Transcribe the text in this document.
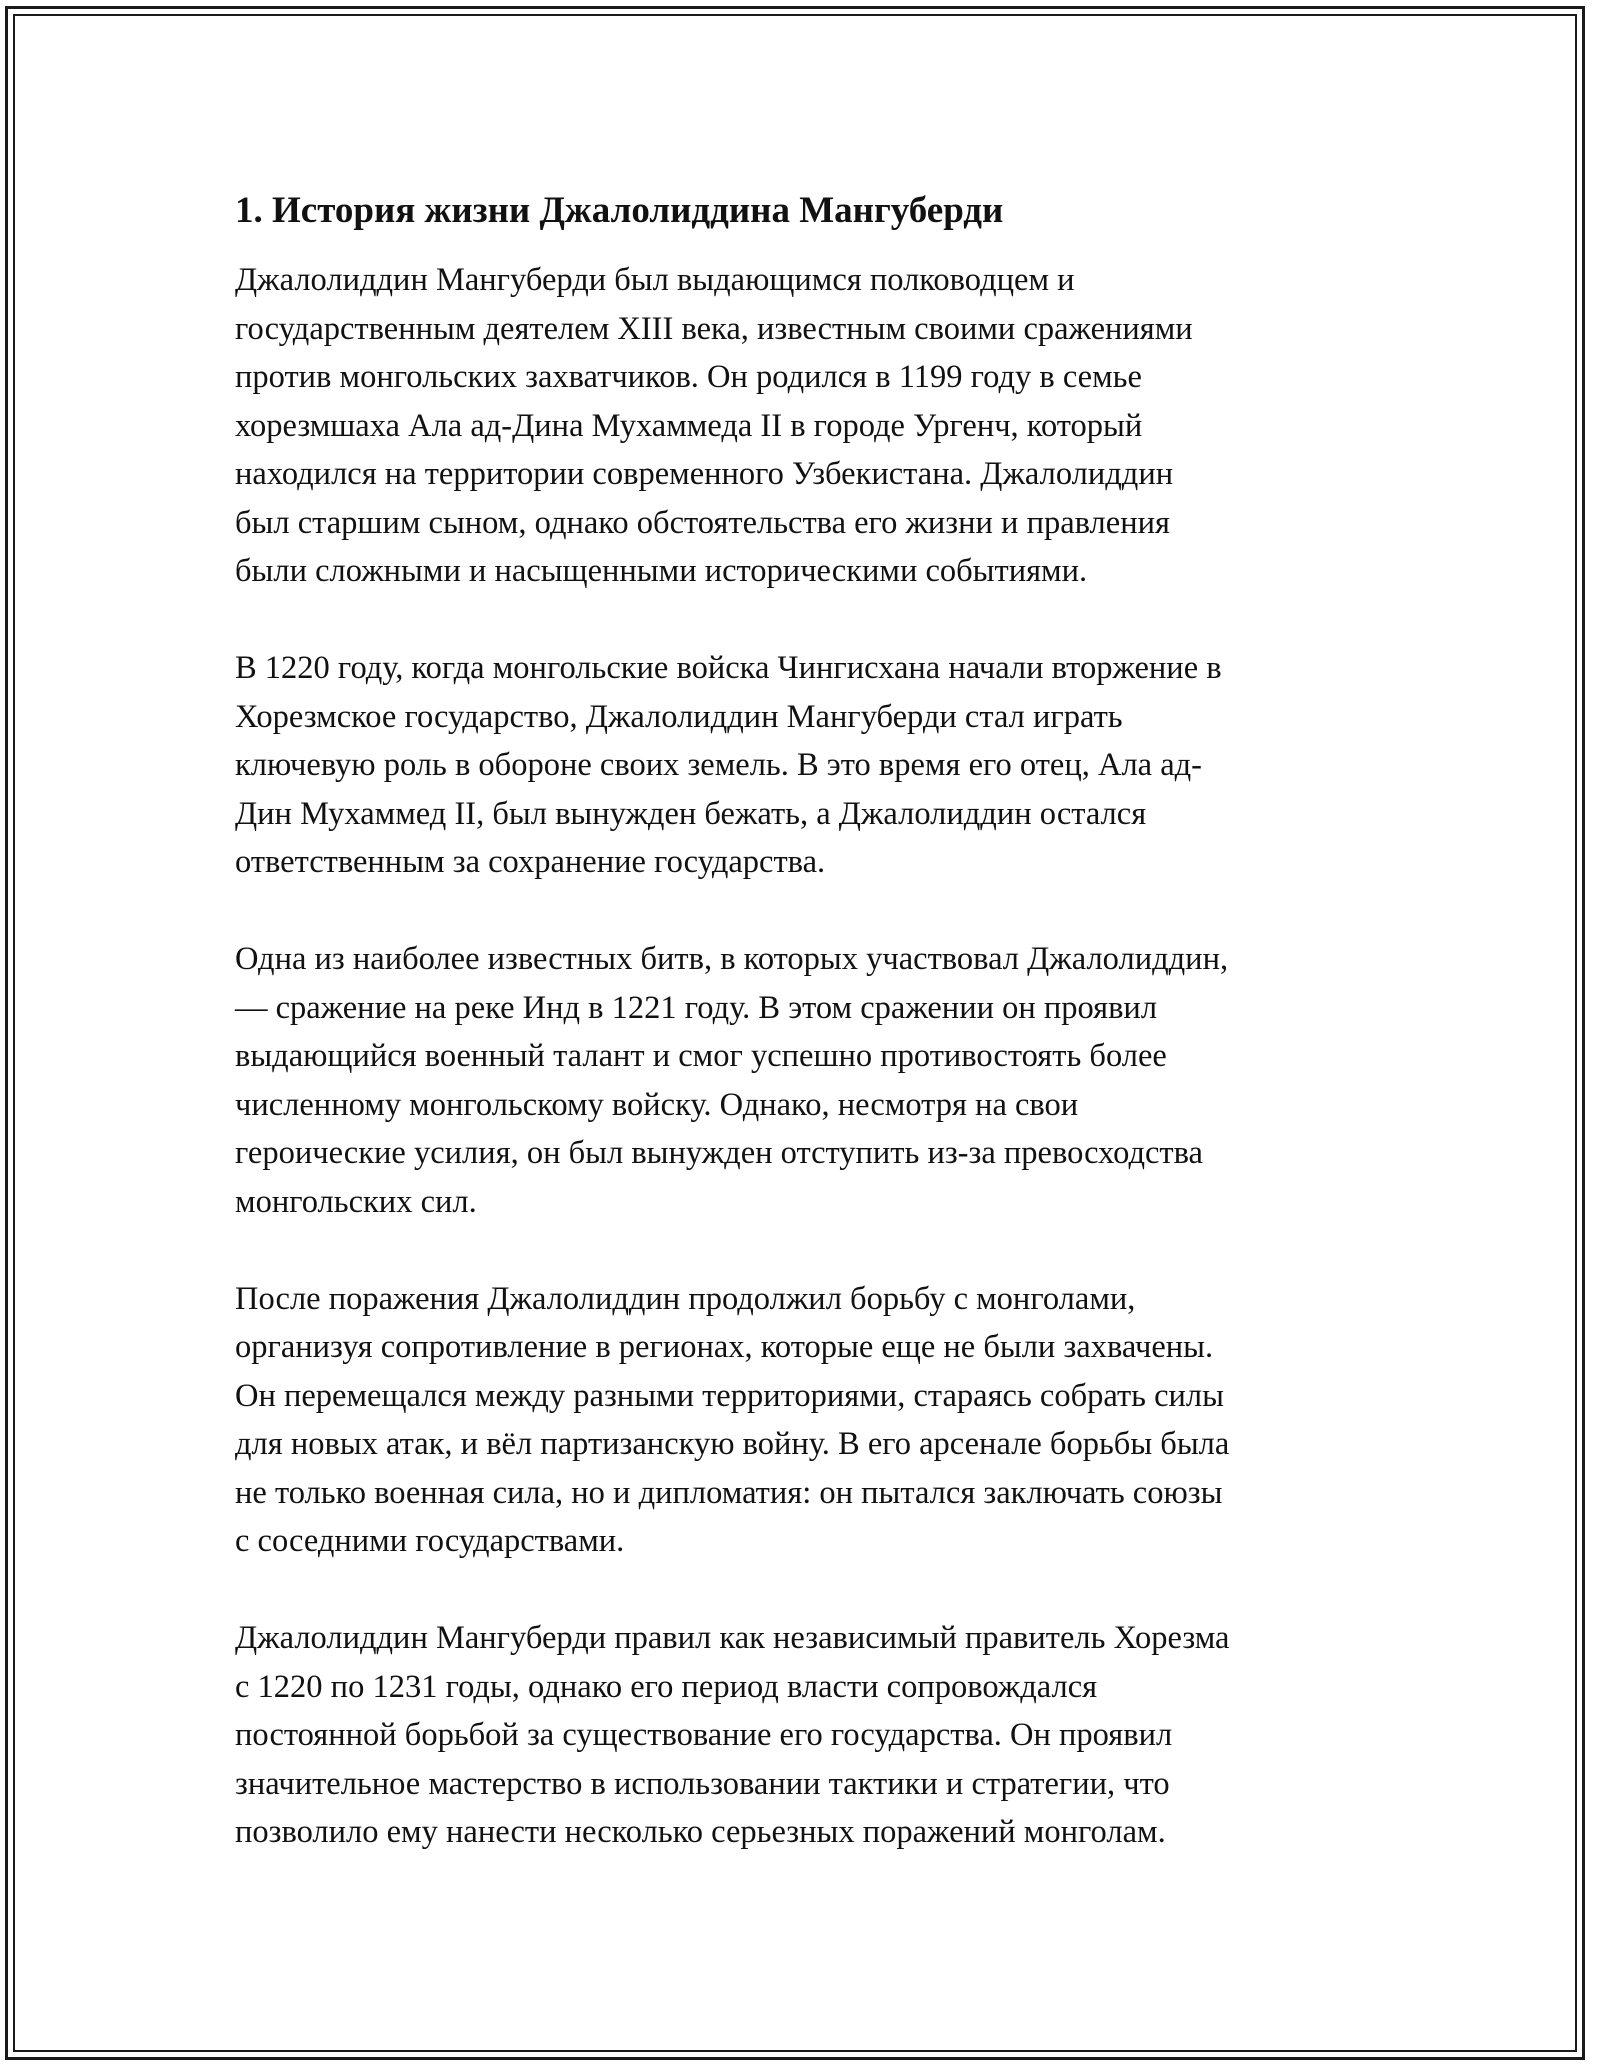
1. История жизни Джалолиддина Мангуберди
Джалолиддин Мангуберди был выдающимся полководцем и
государственным деятелем XIII века, известным своими сражениями
против монгольских захватчиков. Он родился в 1199 году в семье
хорезмшаха Ала ад-Дина Мухаммеда II в городе Ургенч, который
находился на территории современного Узбекистана. Джалолиддин
был старшим сыном, однако обстоятельства его жизни и правления
были сложными и насыщенными историческими событиями.
В 1220 году, когда монгольские войска Чингисхана начали вторжение в
Хорезмское государство, Джалолиддин Мангуберди стал играть
ключевую роль в обороне своих земель. В это время его отец, Ала ад-
Дин Мухаммед II, был вынужден бежать, а Джалолиддин остался
ответственным за сохранение государства.
Одна из наиболее известных битв, в которых участвовал Джалолиддин,
— сражение на реке Инд в 1221 году. В этом сражении он проявил
выдающийся военный талант и смог успешно противостоять более
численному монгольскому войску. Однако, несмотря на свои
героические усилия, он был вынужден отступить из-за превосходства
монгольских сил.
После поражения Джалолиддин продолжил борьбу с монголами,
организуя сопротивление в регионах, которые еще не были захвачены.
Он перемещался между разными территориями, стараясь собрать силы
для новых атак, и вёл партизанскую войну. В его арсенале борьбы была
не только военная сила, но и дипломатия: он пытался заключать союзы
с соседними государствами.
Джалолиддин Мангуберди правил как независимый правитель Хорезма
с 1220 по 1231 годы, однако его период власти сопровождался
постоянной борьбой за существование его государства. Он проявил
значительное мастерство в использовании тактики и стратегии, что
позволило ему нанести несколько серьезных поражений монголам.
